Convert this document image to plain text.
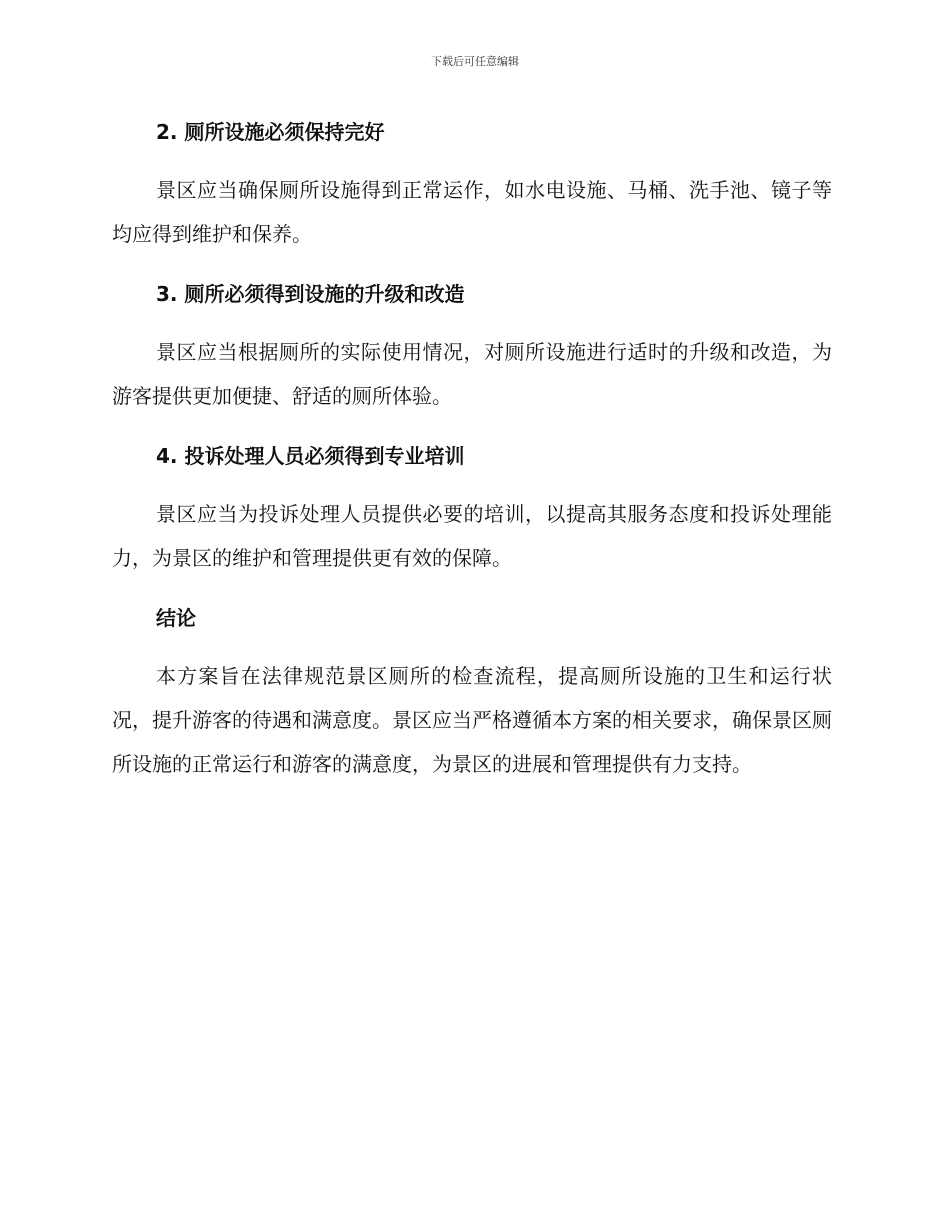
下载后可任意编辑
2. 厕所设施必须保持完好

景区应当确保厕所设施得到正常运作，如水电设施、马桶、洗手池、镜子等均应得到维护和保养。

3. 厕所必须得到设施的升级和改造

景区应当根据厕所的实际使用情况，对厕所设施进行适时的升级和改造，为游客提供更加便捷、舒适的厕所体验。

4. 投诉处理人员必须得到专业培训

景区应当为投诉处理人员提供必要的培训，以提高其服务态度和投诉处理能力，为景区的维护和管理提供更有效的保障。

结论

本方案旨在法律规范景区厕所的检查流程，提高厕所设施的卫生和运行状况，提升游客的待遇和满意度。景区应当严格遵循本方案的相关要求，确保景区厕所设施的正常运行和游客的满意度，为景区的进展和管理提供有力支持。
